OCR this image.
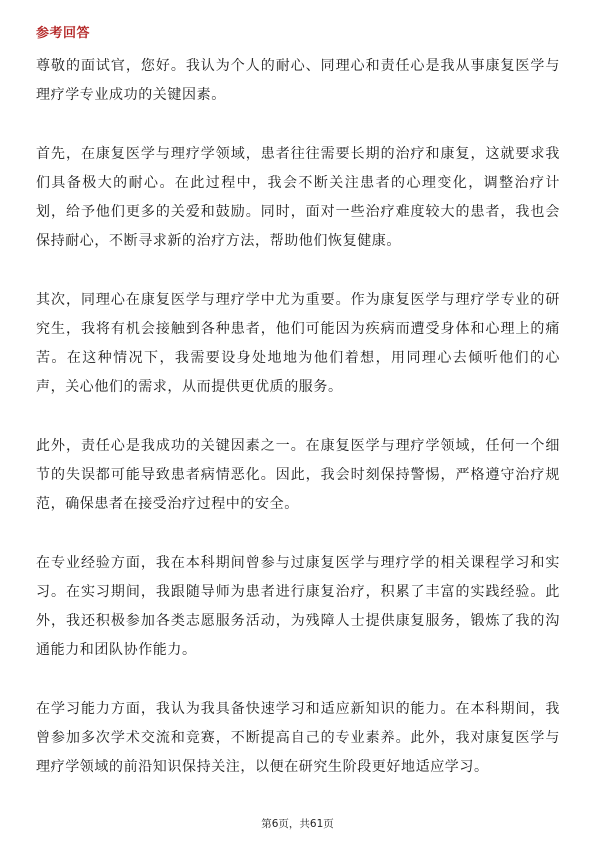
参考回答

尊敬的面试官，您好。我认为个人的耐心、同理心和责任心是我从事康复医学与理疗学专业成功的关键因素。

首先，在康复医学与理疗学领域，患者往往需要长期的治疗和康复，这就要求我们具备极大的耐心。在此过程中，我会不断关注患者的心理变化，调整治疗计划，给予他们更多的关爱和鼓励。同时，面对一些治疗难度较大的患者，我也会保持耐心，不断寻求新的治疗方法，帮助他们恢复健康。

其次，同理心在康复医学与理疗学中尤为重要。作为康复医学与理疗学专业的研究生，我将有机会接触到各种患者，他们可能因为疾病而遭受身体和心理上的痛苦。在这种情况下，我需要设身处地地为他们着想，用同理心去倾听他们的心声，关心他们的需求，从而提供更优质的服务。

此外，责任心是我成功的关键因素之一。在康复医学与理疗学领域，任何一个细节的失误都可能导致患者病情恶化。因此，我会时刻保持警惕，严格遵守治疗规范，确保患者在接受治疗过程中的安全。

在专业经验方面，我在本科期间曾参与过康复医学与理疗学的相关课程学习和实习。在实习期间，我跟随导师为患者进行康复治疗，积累了丰富的实践经验。此外，我还积极参加各类志愿服务活动，为残障人士提供康复服务，锻炼了我的沟通能力和团队协作能力。

在学习能力方面，我认为我具备快速学习和适应新知识的能力。在本科期间，我曾参加多次学术交流和竞赛，不断提高自己的专业素养。此外，我对康复医学与理疗学领域的前沿知识保持关注，以便在研究生阶段更好地适应学习。

第6页，共61页
